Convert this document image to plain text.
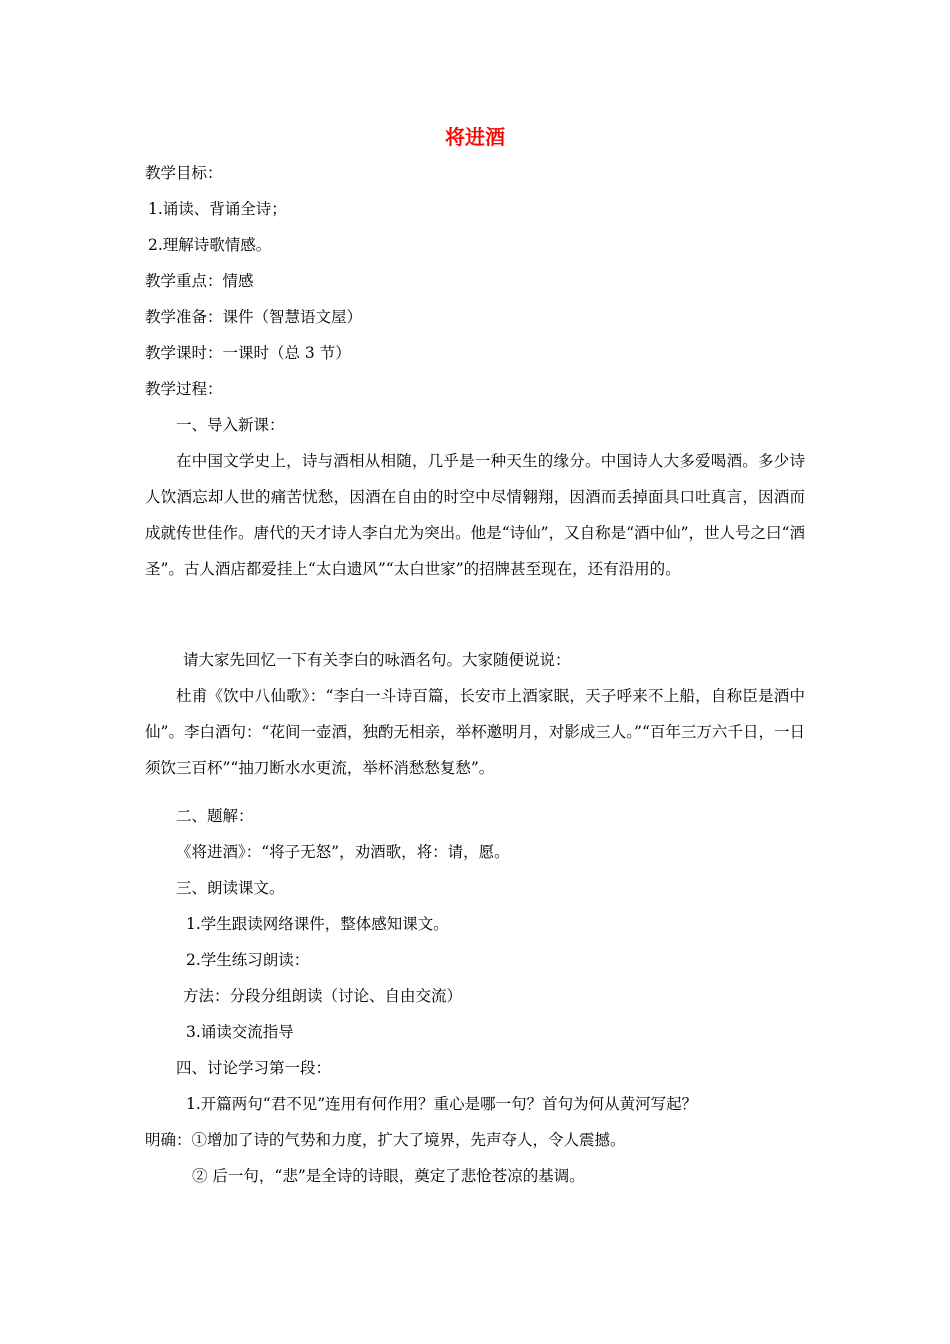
将进酒
教学目标：
1.诵读、背诵全诗；
2.理解诗歌情感。
教学重点：情感
教学准备：课件（智慧语文屋）
教学课时：一课时（总 3 节）
教学过程：
一、导入新课：
在中国文学史上，诗与酒相从相随，几乎是一种天生的缘分。中国诗人大多爱喝酒。多少诗人饮酒忘却人世的痛苦忧愁，因酒在自由的时空中尽情翱翔，因酒而丢掉面具口吐真言，因酒而成就传世佳作。唐代的天才诗人李白尤为突出。他是“诗仙”，又自称是“酒中仙”，世人号之曰“酒圣”。古人酒店都爱挂上“太白遗风”“太白世家”的招牌甚至现在，还有沿用的。
请大家先回忆一下有关李白的咏酒名句。大家随便说说：
杜甫《饮中八仙歌》：“李白一斗诗百篇，长安市上酒家眠，天子呼来不上船，自称臣是酒中仙”。李白酒句：“花间一壶酒，独酌无相亲，举杯邀明月，对影成三人。”“百年三万六千日，一日须饮三百杯”“抽刀断水水更流，举杯消愁愁复愁”。
二、题解：
《将进酒》：“将子无怒”，劝酒歌，将：请，愿。
三、朗读课文。
1.学生跟读网络课件，整体感知课文。
2.学生练习朗读：
方法：分段分组朗读（讨论、自由交流）
3.诵读交流指导
四、讨论学习第一段：
1.开篇两句“君不见”连用有何作用？重心是哪一句？首句为何从黄河写起？
明确：①增加了诗的气势和力度，扩大了境界，先声夺人，令人震撼。
② 后一句，“悲”是全诗的诗眼，奠定了悲怆苍凉的基调。
